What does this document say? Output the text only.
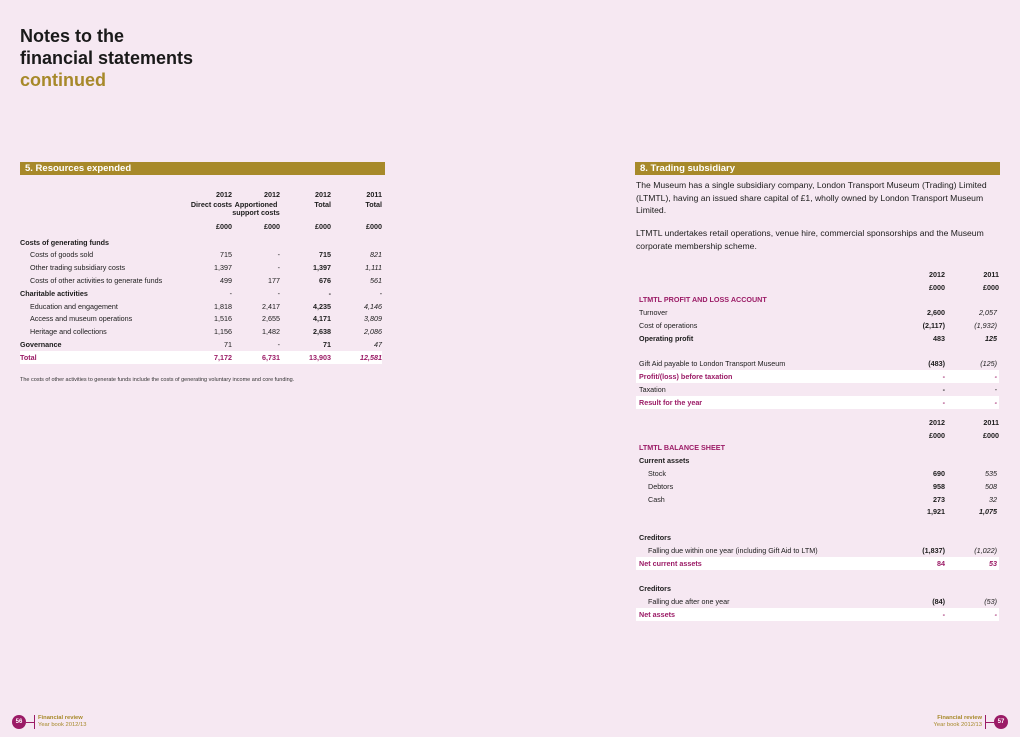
Notes to the
financial statements
continued
5. Resources expended
	2012	2012	2012	2011
	Direct costs	Apportioned support costs	Total	Total
	£000	£000	£000	£000
Costs of generating funds				
Costs of goods sold	715	-	715	821
Other trading subsidiary costs	1,397	-	1,397	1,111
Costs of other activities to generate funds	499	177	676	561
Charitable activities	-	-	-	-
Education and engagement	1,818	2,417	4,235	4,146
Access and museum operations	1,516	2,655	4,171	3,809
Heritage and collections	1,156	1,482	2,638	2,086
Governance	71	-	71	47
Total	7,172	6,731	13,903	12,581
The costs of other activities to generate funds include the costs of generating voluntary income and core funding.
8. Trading subsidiary

The Museum has a single subsidiary company, London Transport Museum (Trading) Limited (LTMTL), having an issued share capital of £1, wholly owned by London Transport Museum Limited.

LTMTL undertakes retail operations, venue hire, commercial sponsorships and the Museum corporate membership scheme.

	2012	2011
	£000	£000
LTMTL PROFIT AND LOSS ACCOUNT		
Turnover	2,600	2,057
Cost of operations	(2,117)	(1,932)
Operating profit	483	125

Gift Aid payable to London Transport Museum	(483)	(125)
Profit/(loss) before taxation	-	-
Taxation	-	-
Result for the year	-	-
	2012	2011
	£000	£000
LTMTL BALANCE SHEET		
Current assets		
Stock	690	535
Debtors	958	508
Cash	273	32
	1,921	1,075

Creditors		
Falling due within one year (including Gift Aid to LTM)	(1,837)	(1,022)
Net current assets	84	53

Creditors		
Falling due after one year	(84)	(53)
Net assets	-	-
56
Financial review
Year book 2012/13
Financial review
Year book 2012/13	57
